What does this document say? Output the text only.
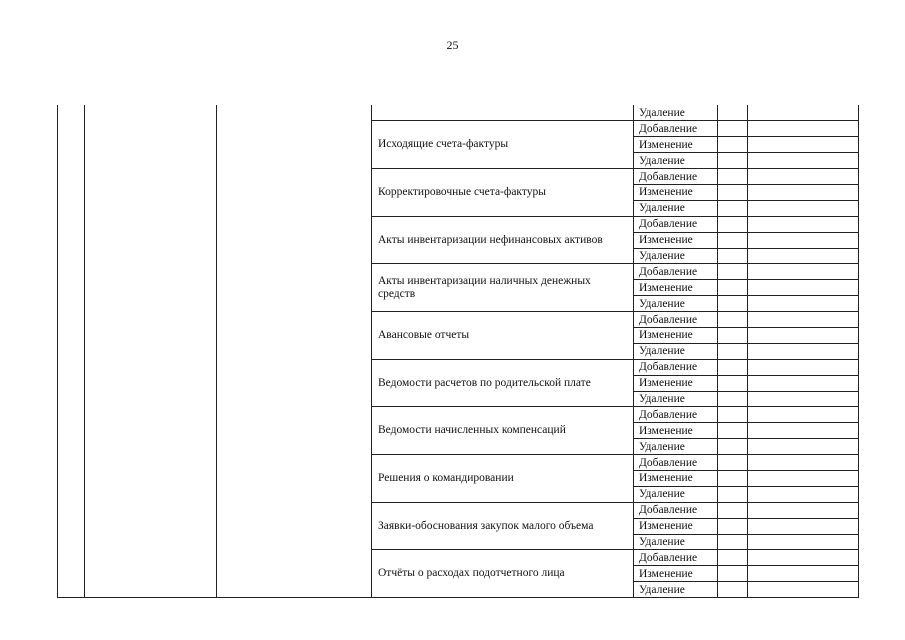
25
	Удаление		
Исходящие счета-фактуры	Добавление		
	Изменение		
	Удаление		
Корректировочные счета-фактуры	Добавление		
	Изменение		
	Удаление		
Акты инвентаризации нефинансовых активов	Добавление		
	Изменение		
	Удаление		
Акты инвентаризации наличных денежных средств	Добавление		
	Изменение		
	Удаление		
Авансовые отчеты	Добавление		
	Изменение		
	Удаление		
Ведомости расчетов по родительской плате	Добавление		
	Изменение		
	Удаление		
Ведомости начисленных компенсаций	Добавление		
	Изменение		
	Удаление		
Решения о командировании	Добавление		
	Изменение		
	Удаление		
Заявки-обоснования закупок малого объема	Добавление		
	Изменение		
	Удаление		
Отчёты о расходах подотчетного лица	Добавление		
	Изменение		
	Удаление		
